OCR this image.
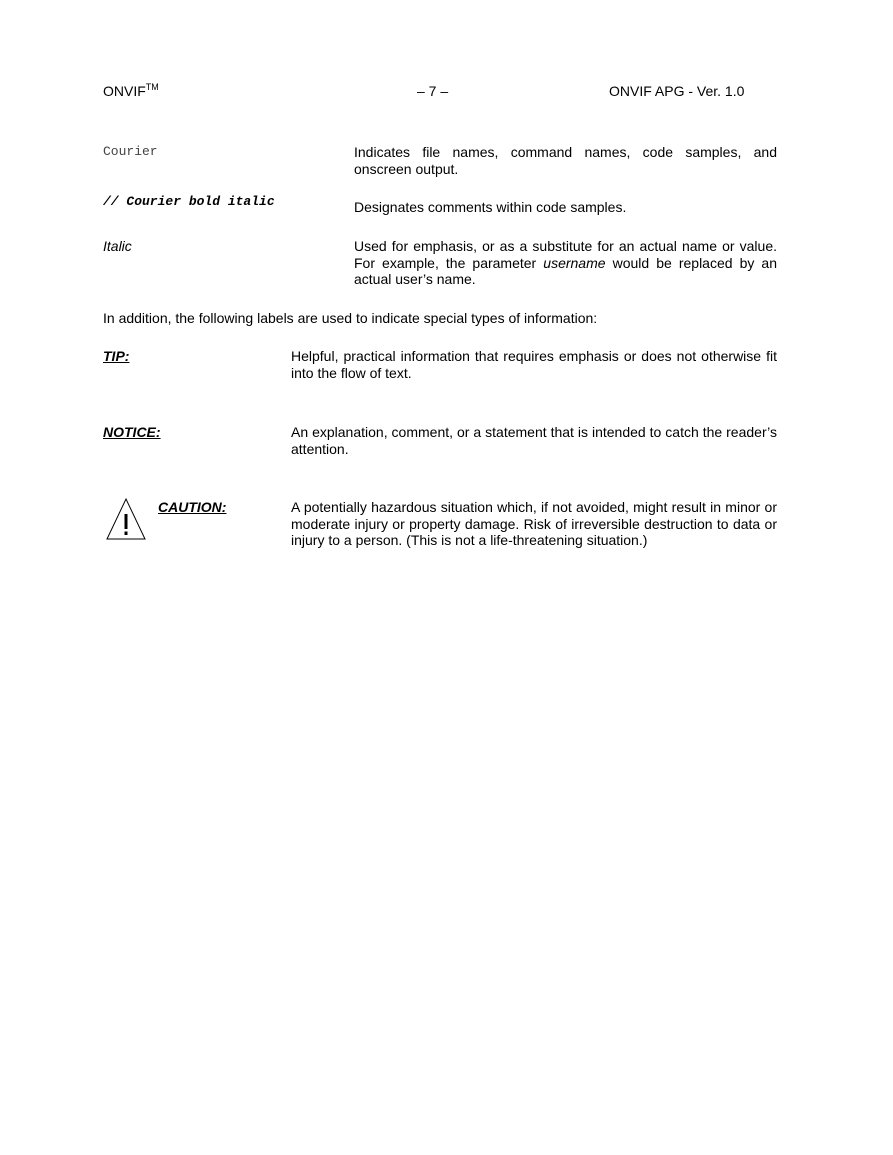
ONVIF™	– 7 –	ONVIF APG - Ver. 1.0
Courier	Indicates file names, command names, code samples, and onscreen output.
// Courier bold italic	Designates comments within code samples.
Italic	Used for emphasis, or as a substitute for an actual name or value. For example, the parameter username would be replaced by an actual user’s name.
In addition, the following labels are used to indicate special types of information:
TIP:	Helpful, practical information that requires emphasis or does not otherwise fit into the flow of text.
NOTICE:	An explanation, comment, or a statement that is intended to catch the reader’s attention.
CAUTION:	A potentially hazardous situation which, if not avoided, might result in minor or moderate injury or property damage. Risk of irreversible destruction to data or injury to a person. (This is not a life-threatening situation.)
